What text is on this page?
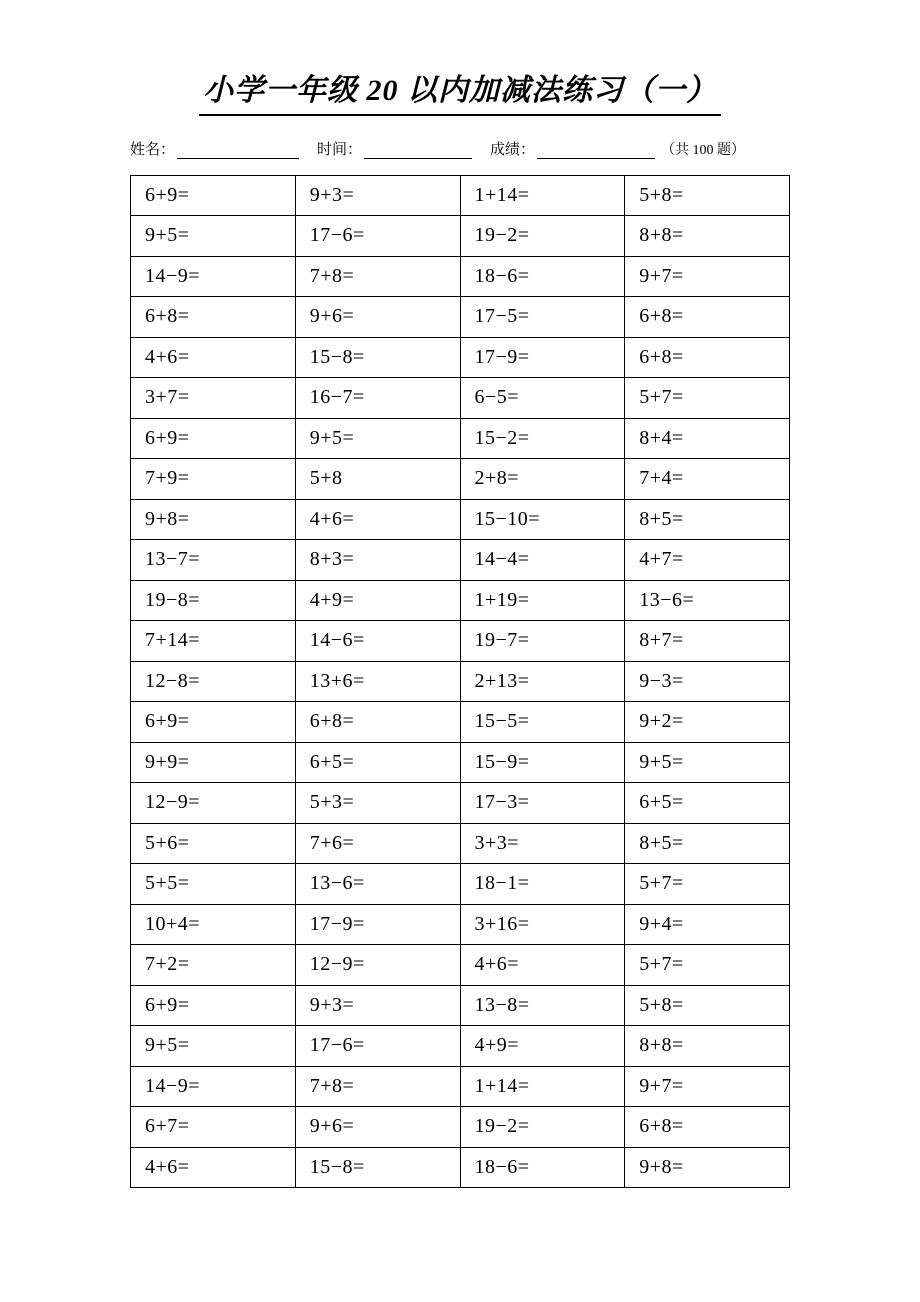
小学一年级 20 以内加减法练习（一）
姓名：	时间：	成绩：	（共 100 题）
6+9=	9+3=	1+14=	5+8=
9+5=	17−6=	19−2=	8+8=
14−9=	7+8=	18−6=	9+7=
6+8=	9+6=	17−5=	6+8=
4+6=	15−8=	17−9=	6+8=
3+7=	16−7=	6−5=	5+7=
6+9=	9+5=	15−2=	8+4=
7+9=	5+8	2+8=	7+4=
9+8=	4+6=	15−10=	8+5=
13−7=	8+3=	14−4=	4+7=
19−8=	4+9=	1+19=	13−6=
7+14=	14−6=	19−7=	8+7=
12−8=	13+6=	2+13=	9−3=
6+9=	6+8=	15−5=	9+2=
9+9=	6+5=	15−9=	9+5=
12−9=	5+3=	17−3=	6+5=
5+6=	7+6=	3+3=	8+5=
5+5=	13−6=	18−1=	5+7=
10+4=	17−9=	3+16=	9+4=
7+2=	12−9=	4+6=	5+7=
6+9=	9+3=	13−8=	5+8=
9+5=	17−6=	4+9=	8+8=
14−9=	7+8=	1+14=	9+7=
6+7=	9+6=	19−2=	6+8=
4+6=	15−8=	18−6=	9+8=
